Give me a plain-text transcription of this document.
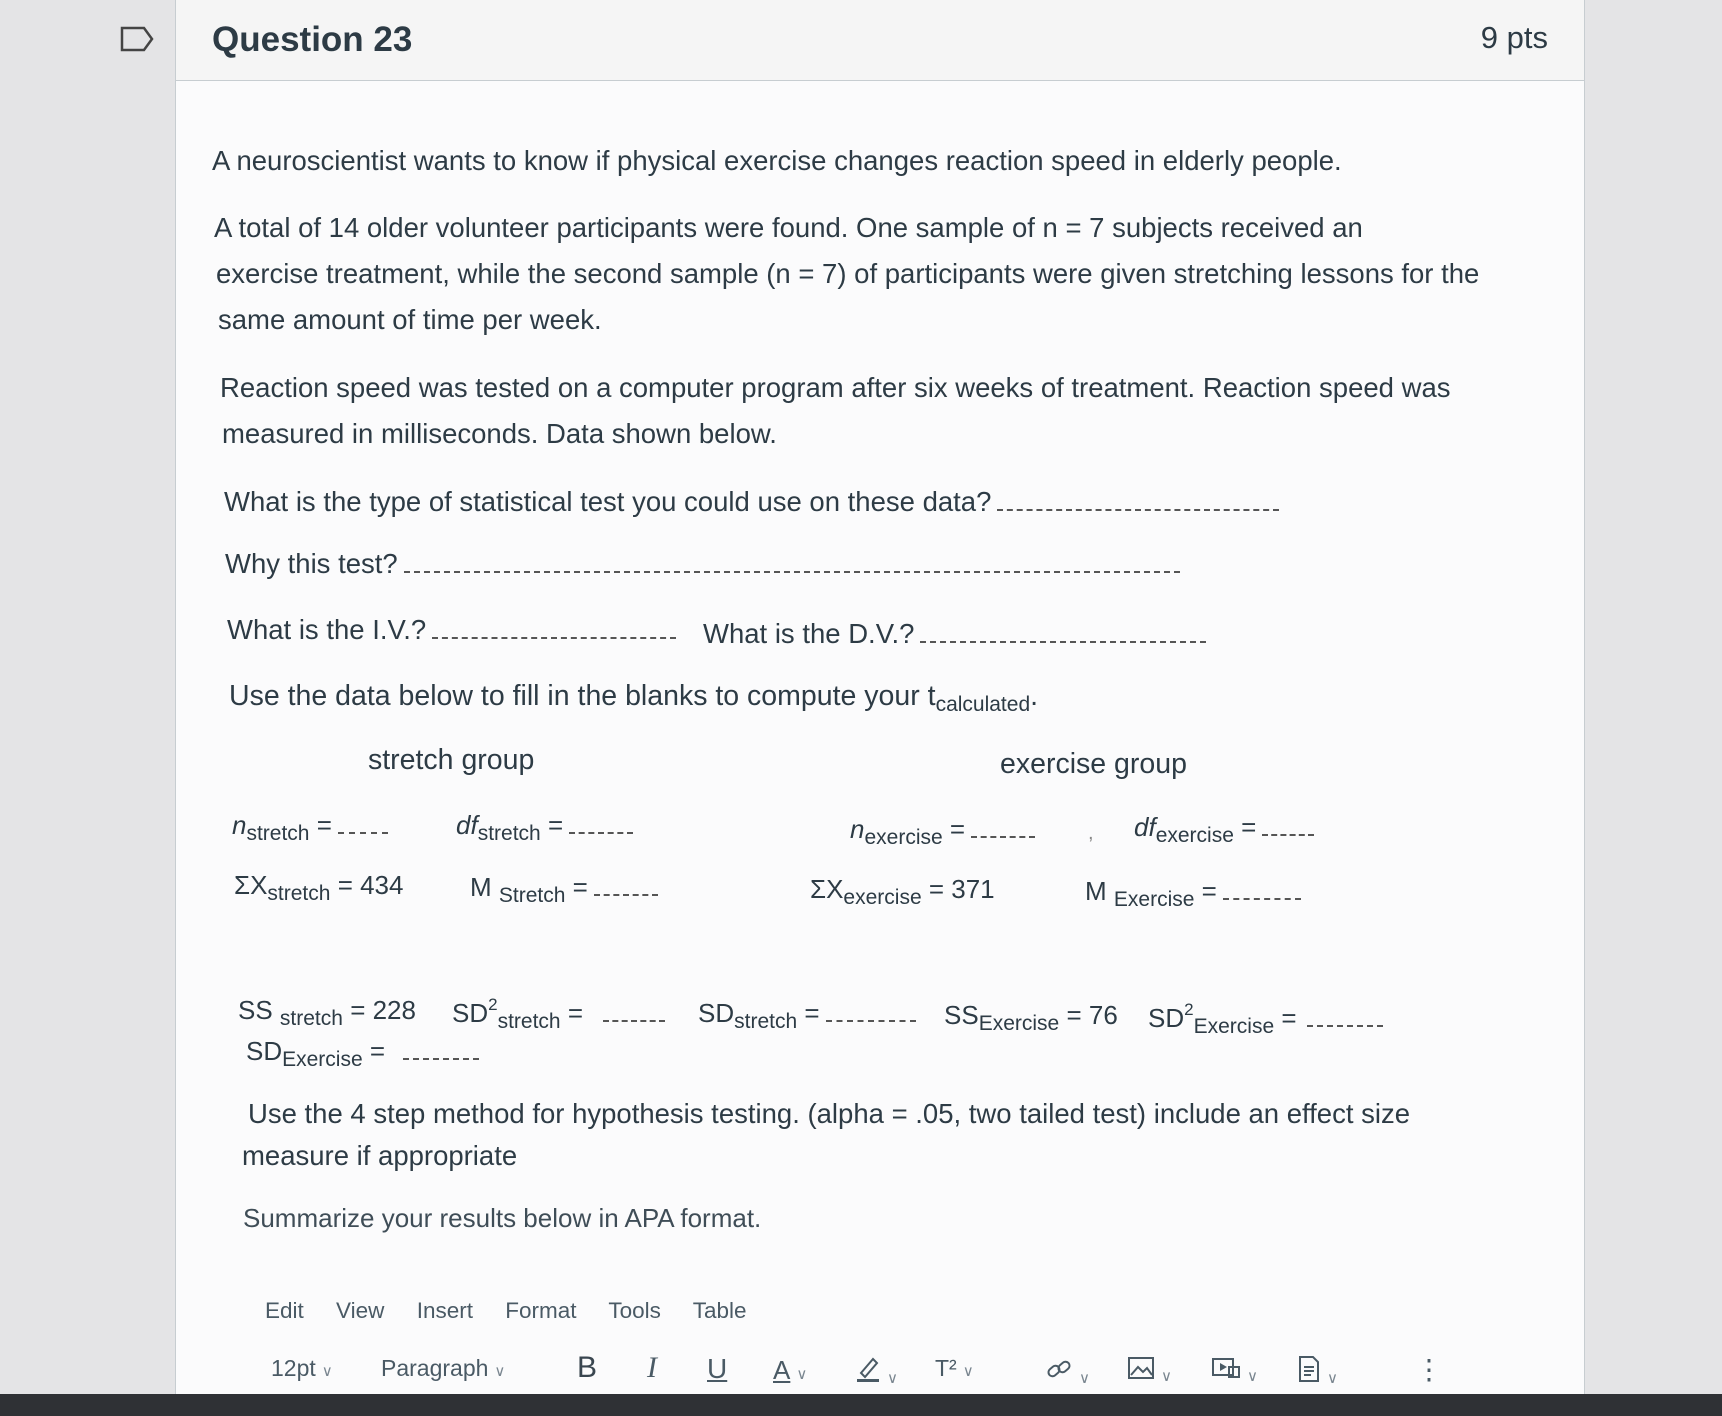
Question 23	9 pts
A neuroscientist wants to know if physical exercise changes reaction speed in elderly people.
A total of 14 older volunteer participants were found. One sample of n = 7 subjects received an
exercise treatment, while the second sample (n = 7) of participants were given stretching lessons for the
same amount of time per week.
Reaction speed was tested on a computer program after six weeks of treatment. Reaction speed was
measured in milliseconds. Data shown below.
What is the type of statistical test you could use on these data?
Why this test?
What is the I.V.?	What is the D.V.?
Use the data below to fill in the blanks to compute your $t_{calculated}$.
stretch group	exercise group
$n_{stretch}$ =	$df_{stretch}$ =	$n_{exercise}$ =	, $df_{exercise}$ =
$\Sigma X_{stretch} = 434$	M $_{Stretch}$ =	$\Sigma X_{exercise} = 371$	M $_{Exercise}$ =
SS $_{stretch}$ = 228 $SD^2_{stretch}$ =	$SD_{stretch}$ =	$SS_{Exercise} = 76$ $SD^2_{Exercise}$ =
$SD_{Exercise}$ =
Use the 4 step method for hypothesis testing. (alpha = .05, two tailed test) include an effect size
measure if appropriate
Summarize your results below in APA format.
Edit View Insert Format Tools Table
12pt ∨ Paragraph ∨ B I U A ∨	∨ T² ∨	∨	∨	∨	∨	⋮
